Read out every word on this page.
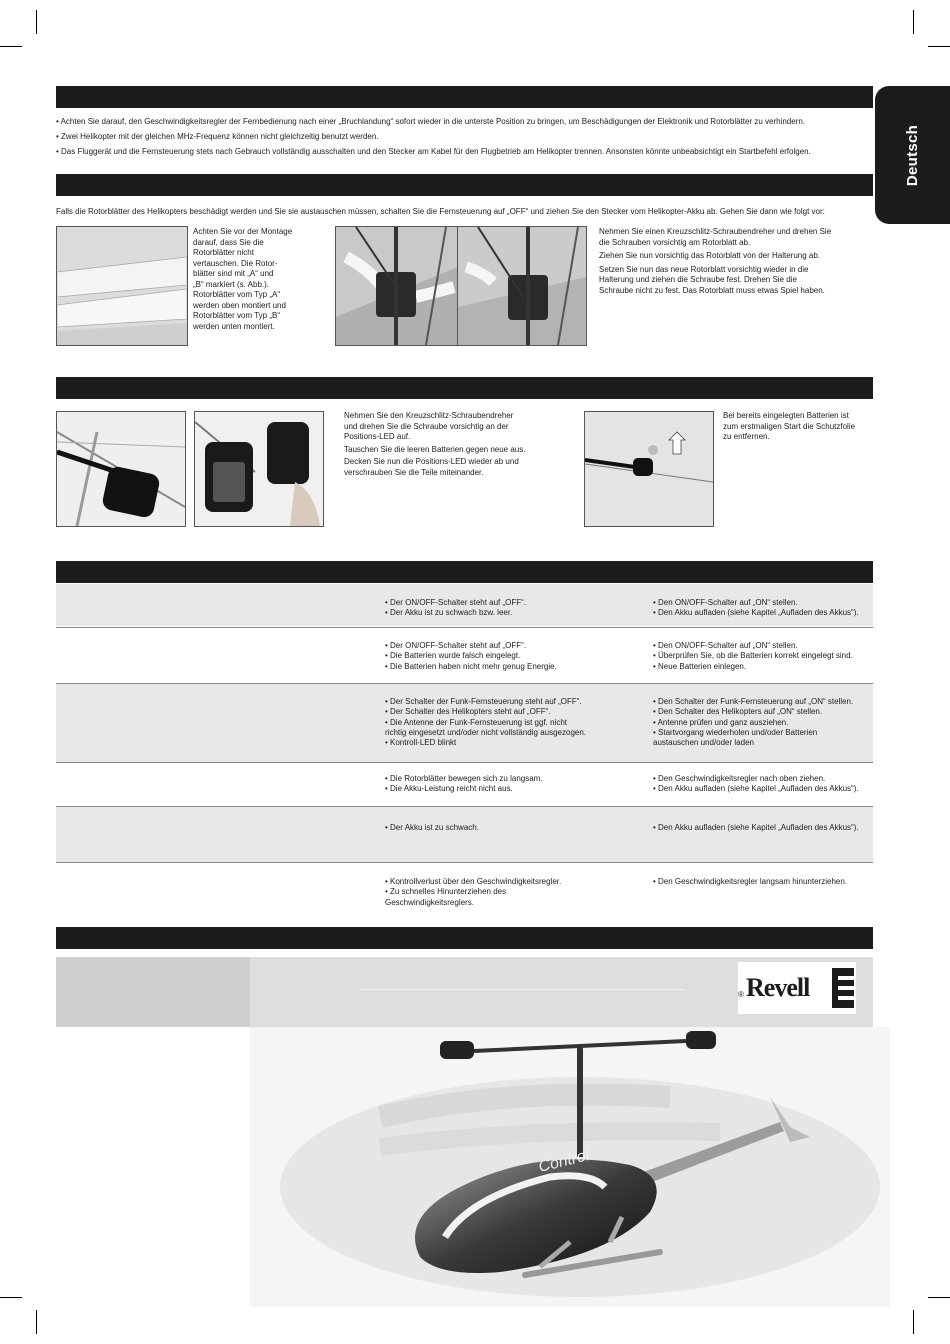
Deutsch
• Achten Sie darauf, den Geschwindigkeitsregler der Fernbedienung nach einer „Bruchlandung“ sofort wieder in die unterste Position zu bringen, um Beschädigungen der Elektronik und Rotorblätter zu verhindern.
• Zwei Helikopter mit der gleichen MHz-Frequenz können nicht gleichzeitig benutzt werden.
• Das Fluggerät und die Fernsteuerung stets nach Gebrauch vollständig ausschalten und den Stecker am Kabel für den Flugbetrieb am Helikopter trennen. Ansonsten könnte unbeabsichtigt ein Startbefehl erfolgen.
Falls die Rotorblätter des Helikopters beschädigt werden und Sie sie austauschen müssen, schalten Sie die Fernsteuerung auf „OFF“ und ziehen Sie den Stecker vom Helikopter-Akku ab. Gehen Sie dann wie folgt vor:
Achten Sie vor der Montage
darauf, dass Sie die
Rotorblätter nicht
vertauschen. Die Rotor-
blätter sind mit „A“ und
„B“ markiert (s. Abb.).
Rotorblätter vom Typ „A“
werden oben montiert und
Rotorblätter vom Typ „B“
werden unten montiert.
Nehmen Sie einen Kreuzschlitz-Schraubendreher und drehen Sie
die Schrauben vorsichtig am Rotorblatt ab.
Ziehen Sie nun vorsichtig das Rotorblatt von der Halterung ab.
Setzen Sie nun das neue Rotorblatt vorsichtig wieder in die
Halterung und ziehen die Schraube fest. Drehen Sie die
Schraube nicht zu fest. Das Rotorblatt muss etwas Spiel haben.
Nehmen Sie den Kreuzschlitz-Schraubendreher
und drehen Sie die Schraube vorsichtig an der
Positions-LED auf.
Tauschen Sie die leeren Batterien gegen neue aus.
Decken Sie nun die Positions-LED wieder ab und
verschrauben Sie die Teile miteinander.
Bei bereits eingelegten Batterien ist
zum erstmaligen Start die Schutzfolie
zu entfernen.
• Der ON/OFF-Schalter steht auf „OFF“.
• Der Akku ist zu schwach bzw. leer.
• Den ON/OFF-Schalter auf „ON“ stellen.
• Den Akku aufladen (siehe Kapitel „Aufladen des Akkus“).
• Der ON/OFF-Schalter steht auf „OFF“.
• Die Batterien wurde falsch eingelegt.
• Die Batterien haben nicht mehr genug Energie.
• Den ON/OFF-Schalter auf „ON“ stellen.
• Überprüfen Sie, ob die Batterien korrekt eingelegt sind.
• Neue Batterien einlegen.
• Der Schalter der Funk-Fernsteuerung steht auf „OFF“.
• Der Schalter des Helikopters steht auf „OFF“.
• Die Antenne der Funk-Fernsteuerung ist ggf. nicht
richtig eingesetzt und/oder nicht vollständig ausgezogen.
• Kontroll-LED blinkt
• Den Schalter der Funk-Fernsteuerung auf „ON“ stellen.
• Den Schalter des Helikopters auf „ON“ stellen.
• Antenne prüfen und ganz ausziehen.
• Startvorgang wiederholen und/oder Batterien
austauschen und/oder laden
• Die Rotorblätter bewegen sich zu langsam.
• Die Akku-Leistung reicht nicht aus.
• Den Geschwindigkeitsregler nach oben ziehen.
• Den Akku aufladen (siehe Kapitel „Aufladen des Akkus“).
• Der Akku ist zu schwach.	• Den Akku aufladen (siehe Kapitel „Aufladen des Akkus“).
• Kontrollverlust über den Geschwindigkeitsregler.
• Zu schnelles Hinunterziehen des
Geschwindigkeitsreglers.
• Den Geschwindigkeitsregler langsam hinunterziehen.
® Revell
Control
